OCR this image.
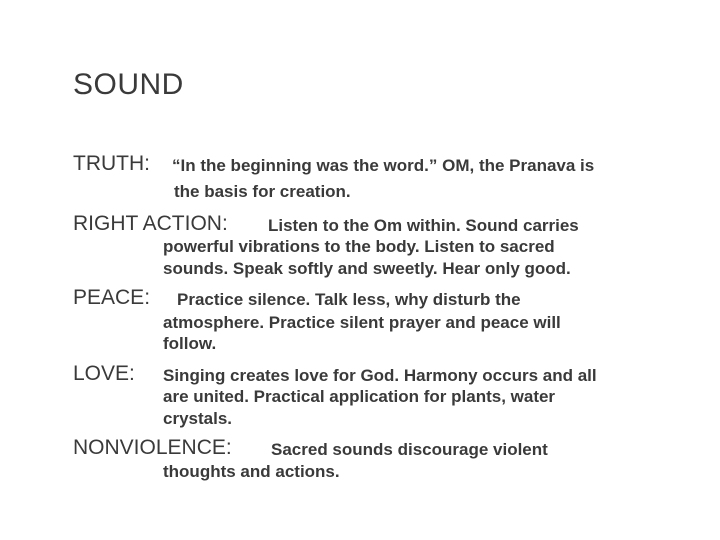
SOUND
TRUTH: “In the beginning was the word.” OM, the Pranava is
the basis for creation.
RIGHT ACTION: Listen to the Om within. Sound carries
powerful vibrations to the body. Listen to sacred
sounds. Speak softly and sweetly. Hear only good.
PEACE: Practice silence. Talk less, why disturb the
atmosphere. Practice silent prayer and peace will
follow.
LOVE: Singing creates love for God. Harmony occurs and all
are united. Practical application for plants, water
crystals.
NONVIOLENCE: Sacred sounds discourage violent
thoughts and actions.
